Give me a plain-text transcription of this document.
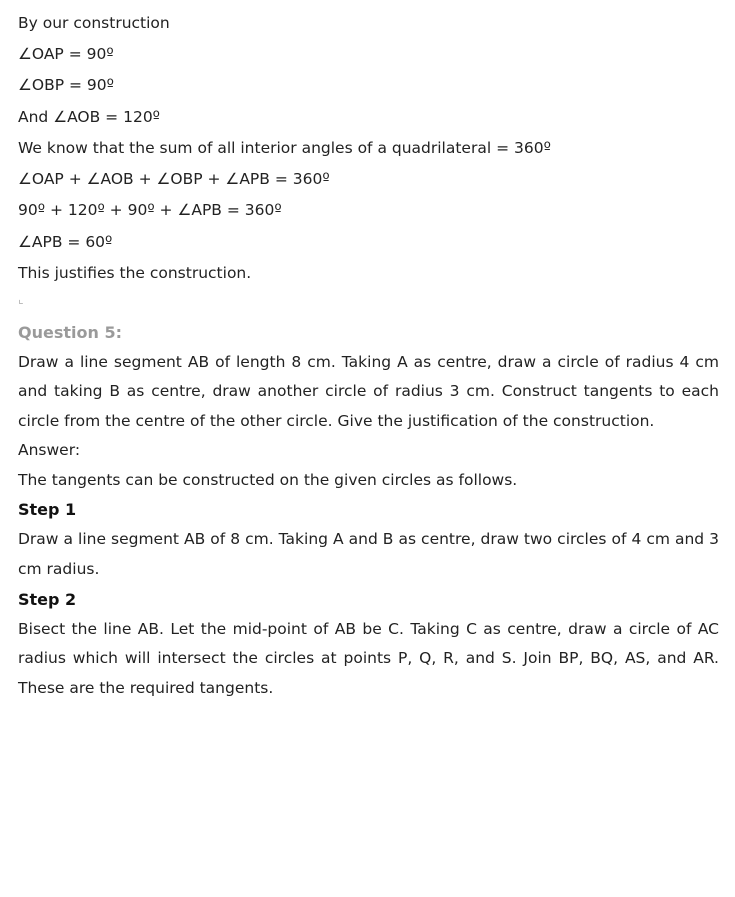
By our construction

∠OAP = 90º

∠OBP = 90º

And ∠AOB = 120º

We know that the sum of all interior angles of a quadrilateral = 360º

∠OAP + ∠AOB + ∠OBP + ∠APB = 360º

90º + 120º + 90º + ∠APB = 360º

∠APB = 60º

This justifies the construction.

⌞

Question 5:

Draw a line segment AB of length 8 cm. Taking A as centre, draw a circle of radius 4 cm and taking B as centre, draw another circle of radius 3 cm. Construct tangents to each circle from the centre of the other circle. Give the justification of the construction.

Answer:

The tangents can be constructed on the given circles as follows.

Step 1

Draw a line segment AB of 8 cm. Taking A and B as centre, draw two circles of 4 cm and 3 cm radius.

Step 2

Bisect the line AB. Let the mid-point of AB be C. Taking C as centre, draw a circle of AC radius which will intersect the circles at points P, Q, R, and S. Join BP, BQ, AS, and AR. These are the required tangents.
